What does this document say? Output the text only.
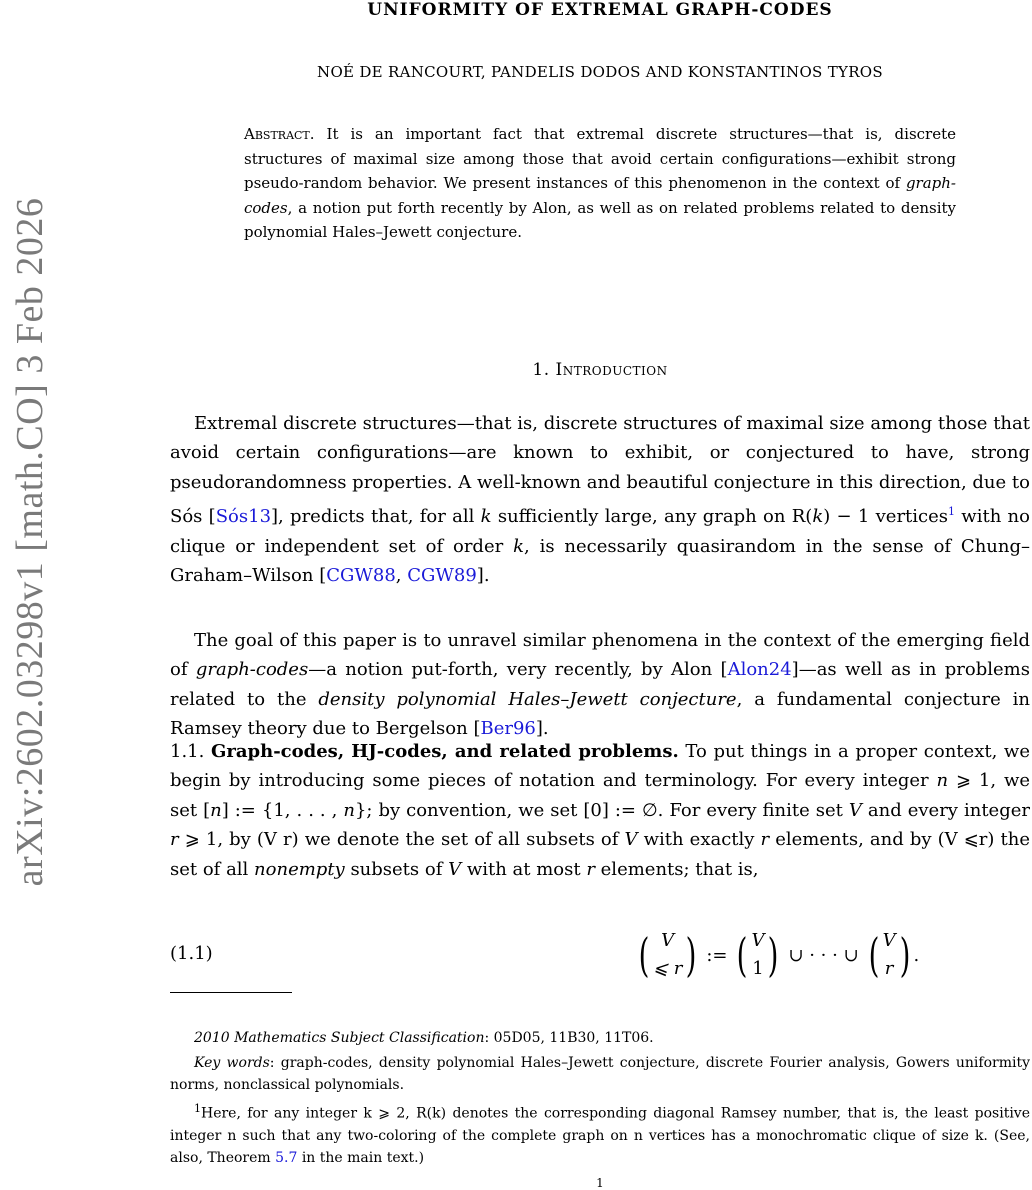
arXiv:2602.03298v1 [math.CO] 3 Feb 2026
UNIFORMITY OF EXTREMAL GRAPH-CODES
NOÉ DE RANCOURT, PANDELIS DODOS AND KONSTANTINOS TYROS
Abstract. It is an important fact that extremal discrete structures—that is, discrete structures of maximal size among those that avoid certain configurations—exhibit strong pseudo-random behavior. We present instances of this phenomenon in the context of graph-codes, a notion put forth recently by Alon, as well as on related problems related to density polynomial Hales–Jewett conjecture.
1. Introduction
Extremal discrete structures—that is, discrete structures of maximal size among those that avoid certain configurations—are known to exhibit, or conjectured to have, strong pseudorandomness properties. A well-known and beautiful conjecture in this direction, due to Sós [Sós13], predicts that, for all k sufficiently large, any graph on R(k) − 1 vertices$^1$ with no clique or independent set of order k, is necessarily quasirandom in the sense of Chung–Graham–Wilson [CGW88, CGW89].
The goal of this paper is to unravel similar phenomena in the context of the emerging field of graph-codes—a notion put-forth, very recently, by Alon [Alon24]—as well as in problems related to the density polynomial Hales–Jewett conjecture, a fundamental conjecture in Ramsey theory due to Bergelson [Ber96].
1.1. Graph-codes, HJ-codes, and related problems. To put things in a proper context, we begin by introducing some pieces of notation and terminology. For every integer n ⩾ 1, we set [n] := {1, . . . , n}; by convention, we set [0] := ∅. For every finite set V and every integer r ⩾ 1, by (V r) we denote the set of all subsets of V with exactly r elements, and by (V ⩽r) the set of all nonempty subsets of V with at most r elements; that is,
(1.1)	( V
⩽ r ) := ( V
1 ) ∪ · · · ∪ ( V
r ) .
2010 Mathematics Subject Classification: 05D05, 11B30, 11T06.
Key words: graph-codes, density polynomial Hales–Jewett conjecture, discrete Fourier analysis, Gowers uniformity norms, nonclassical polynomials.
$^1$Here, for any integer k ⩾ 2, R(k) denotes the corresponding diagonal Ramsey number, that is, the least positive integer n such that any two-coloring of the complete graph on n vertices has a monochromatic clique of size k. (See, also, Theorem 5.7 in the main text.)
1
